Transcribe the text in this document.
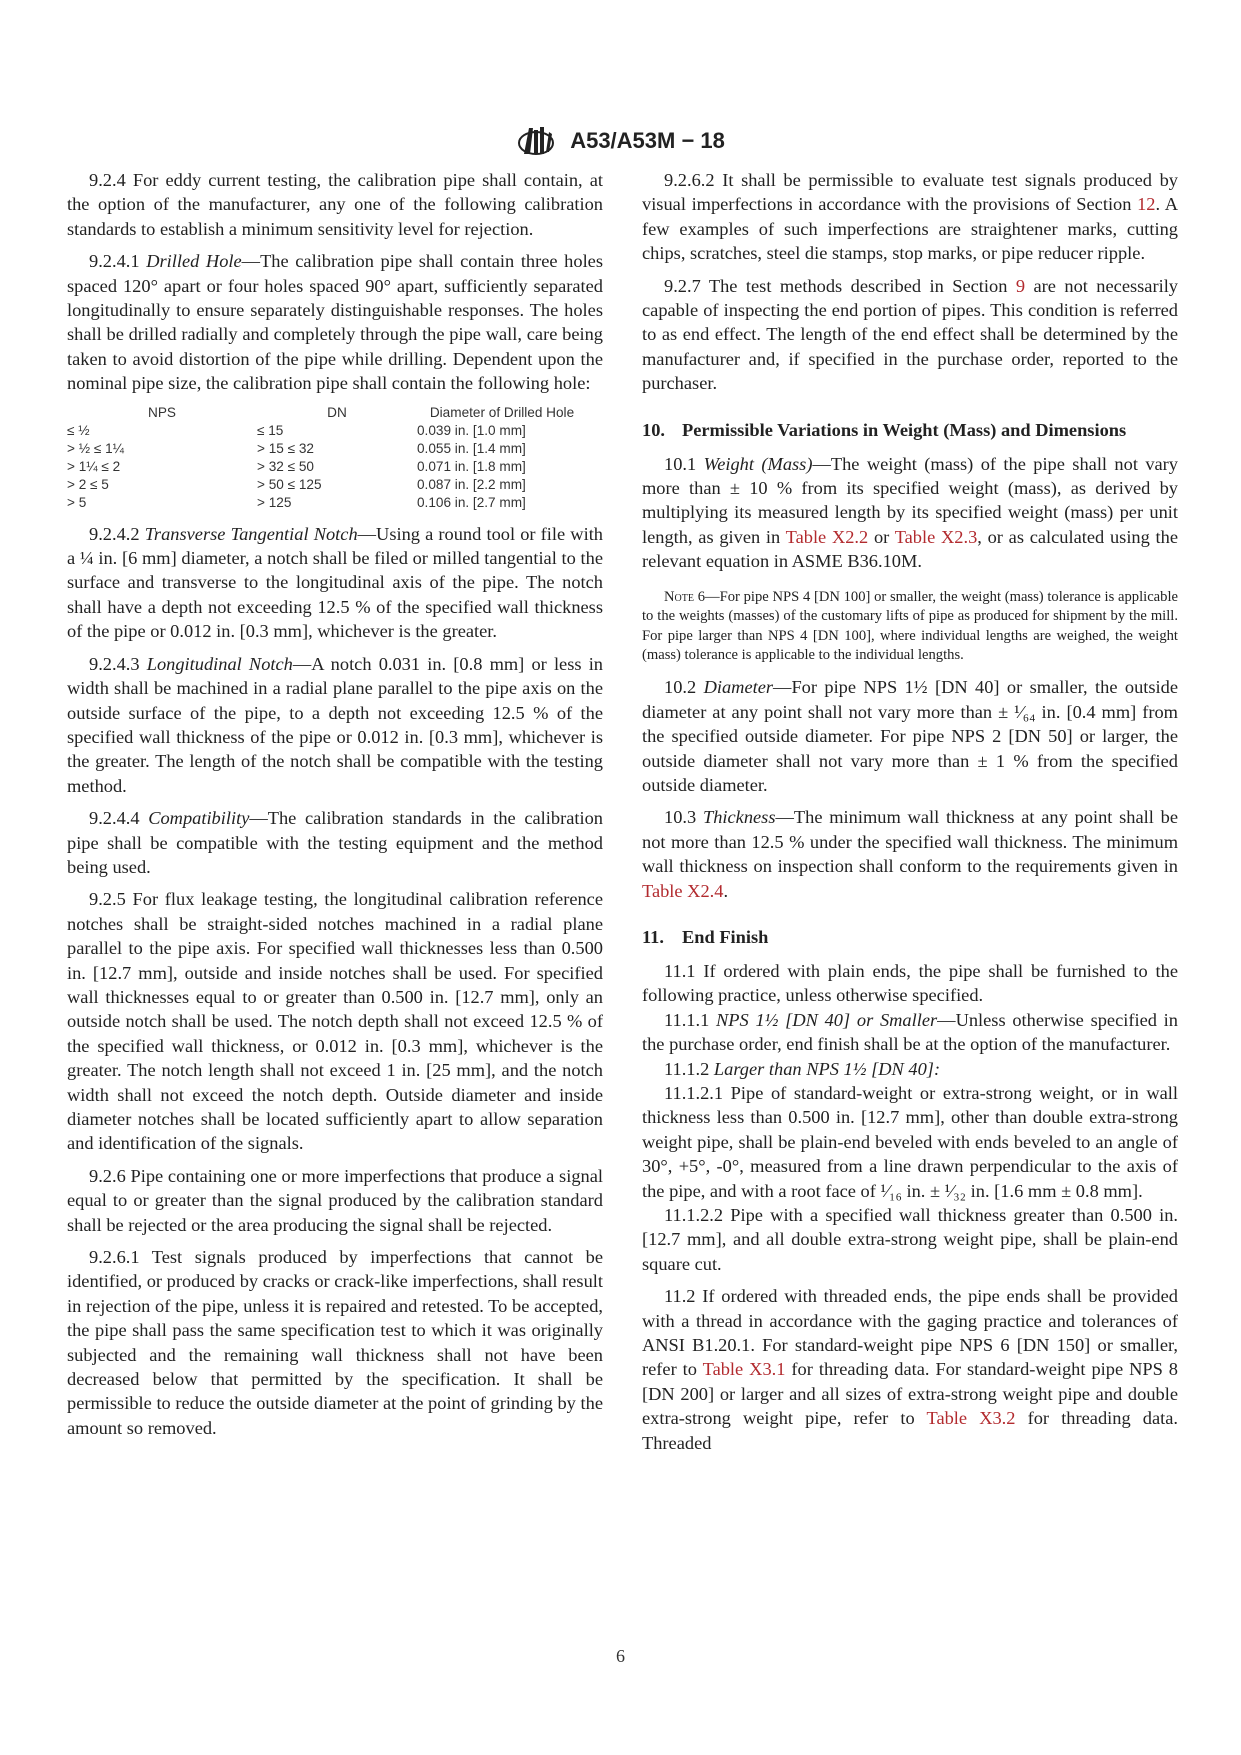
A53/A53M − 18

9.2.4 For eddy current testing, the calibration pipe shall contain, at the option of the manufacturer, any one of the following calibration standards to establish a minimum sensitivity level for rejection.

9.2.4.1 Drilled Hole—The calibration pipe shall contain three holes spaced 120° apart or four holes spaced 90° apart, sufficiently separated longitudinally to ensure separately distinguishable responses. The holes shall be drilled radially and completely through the pipe wall, care being taken to avoid distortion of the pipe while drilling. Dependent upon the nominal pipe size, the calibration pipe shall contain the following hole:

NPS	DN	Diameter of Drilled Hole
≤ ½	≤ 15	0.039 in. [1.0 mm]
> ½ ≤ 1¼	> 15 ≤ 32	0.055 in. [1.4 mm]
> 1¼ ≤ 2	> 32 ≤ 50	0.071 in. [1.8 mm]
> 2 ≤ 5	> 50 ≤ 125	0.087 in. [2.2 mm]
> 5	> 125	0.106 in. [2.7 mm]

9.2.4.2 Transverse Tangential Notch—Using a round tool or file with a ¼ in. [6 mm] diameter, a notch shall be filed or milled tangential to the surface and transverse to the longitudinal axis of the pipe. The notch shall have a depth not exceeding 12.5 % of the specified wall thickness of the pipe or 0.012 in. [0.3 mm], whichever is the greater.

9.2.4.3 Longitudinal Notch—A notch 0.031 in. [0.8 mm] or less in width shall be machined in a radial plane parallel to the pipe axis on the outside surface of the pipe, to a depth not exceeding 12.5 % of the specified wall thickness of the pipe or 0.012 in. [0.3 mm], whichever is the greater. The length of the notch shall be compatible with the testing method.

9.2.4.4 Compatibility—The calibration standards in the calibration pipe shall be compatible with the testing equipment and the method being used.

9.2.5 For flux leakage testing, the longitudinal calibration reference notches shall be straight-sided notches machined in a radial plane parallel to the pipe axis. For specified wall thicknesses less than 0.500 in. [12.7 mm], outside and inside notches shall be used. For specified wall thicknesses equal to or greater than 0.500 in. [12.7 mm], only an outside notch shall be used. The notch depth shall not exceed 12.5 % of the specified wall thickness, or 0.012 in. [0.3 mm], whichever is the greater. The notch length shall not exceed 1 in. [25 mm], and the notch width shall not exceed the notch depth. Outside diameter and inside diameter notches shall be located sufficiently apart to allow separation and identification of the signals.

9.2.6 Pipe containing one or more imperfections that produce a signal equal to or greater than the signal produced by the calibration standard shall be rejected or the area producing the signal shall be rejected.

9.2.6.1 Test signals produced by imperfections that cannot be identified, or produced by cracks or crack-like imperfections, shall result in rejection of the pipe, unless it is repaired and retested. To be accepted, the pipe shall pass the same specification test to which it was originally subjected and the remaining wall thickness shall not have been decreased below that permitted by the specification. It shall be permissible to reduce the outside diameter at the point of grinding by the amount so removed.

9.2.6.2 It shall be permissible to evaluate test signals produced by visual imperfections in accordance with the provisions of Section 12. A few examples of such imperfections are straightener marks, cutting chips, scratches, steel die stamps, stop marks, or pipe reducer ripple.

9.2.7 The test methods described in Section 9 are not necessarily capable of inspecting the end portion of pipes. This condition is referred to as end effect. The length of the end effect shall be determined by the manufacturer and, if specified in the purchase order, reported to the purchaser.

10. Permissible Variations in Weight (Mass) and Dimensions

10.1 Weight (Mass)—The weight (mass) of the pipe shall not vary more than ± 10 % from its specified weight (mass), as derived by multiplying its measured length by its specified weight (mass) per unit length, as given in Table X2.2 or Table X2.3, or as calculated using the relevant equation in ASME B36.10M.

Note 6—For pipe NPS 4 [DN 100] or smaller, the weight (mass) tolerance is applicable to the weights (masses) of the customary lifts of pipe as produced for shipment by the mill. For pipe larger than NPS 4 [DN 100], where individual lengths are weighed, the weight (mass) tolerance is applicable to the individual lengths.

10.2 Diameter—For pipe NPS 1½ [DN 40] or smaller, the outside diameter at any point shall not vary more than ± ¹⁄₆₄ in. [0.4 mm] from the specified outside diameter. For pipe NPS 2 [DN 50] or larger, the outside diameter shall not vary more than ± 1 % from the specified outside diameter.

10.3 Thickness—The minimum wall thickness at any point shall be not more than 12.5 % under the specified wall thickness. The minimum wall thickness on inspection shall conform to the requirements given in Table X2.4.

11. End Finish

11.1 If ordered with plain ends, the pipe shall be furnished to the following practice, unless otherwise specified.

11.1.1 NPS 1½ [DN 40] or Smaller—Unless otherwise specified in the purchase order, end finish shall be at the option of the manufacturer.

11.1.2 Larger than NPS 1½ [DN 40]:

11.1.2.1 Pipe of standard-weight or extra-strong weight, or in wall thickness less than 0.500 in. [12.7 mm], other than double extra-strong weight pipe, shall be plain-end beveled with ends beveled to an angle of 30°, +5°, -0°, measured from a line drawn perpendicular to the axis of the pipe, and with a root face of ¹⁄₁₆ in. ± ¹⁄₃₂ in. [1.6 mm ± 0.8 mm].

11.1.2.2 Pipe with a specified wall thickness greater than 0.500 in. [12.7 mm], and all double extra-strong weight pipe, shall be plain-end square cut.

11.2 If ordered with threaded ends, the pipe ends shall be provided with a thread in accordance with the gaging practice and tolerances of ANSI B1.20.1. For standard-weight pipe NPS 6 [DN 150] or smaller, refer to Table X3.1 for threading data. For standard-weight pipe NPS 8 [DN 200] or larger and all sizes of extra-strong weight pipe and double extra-strong weight pipe, refer to Table X3.2 for threading data. Threaded

6
